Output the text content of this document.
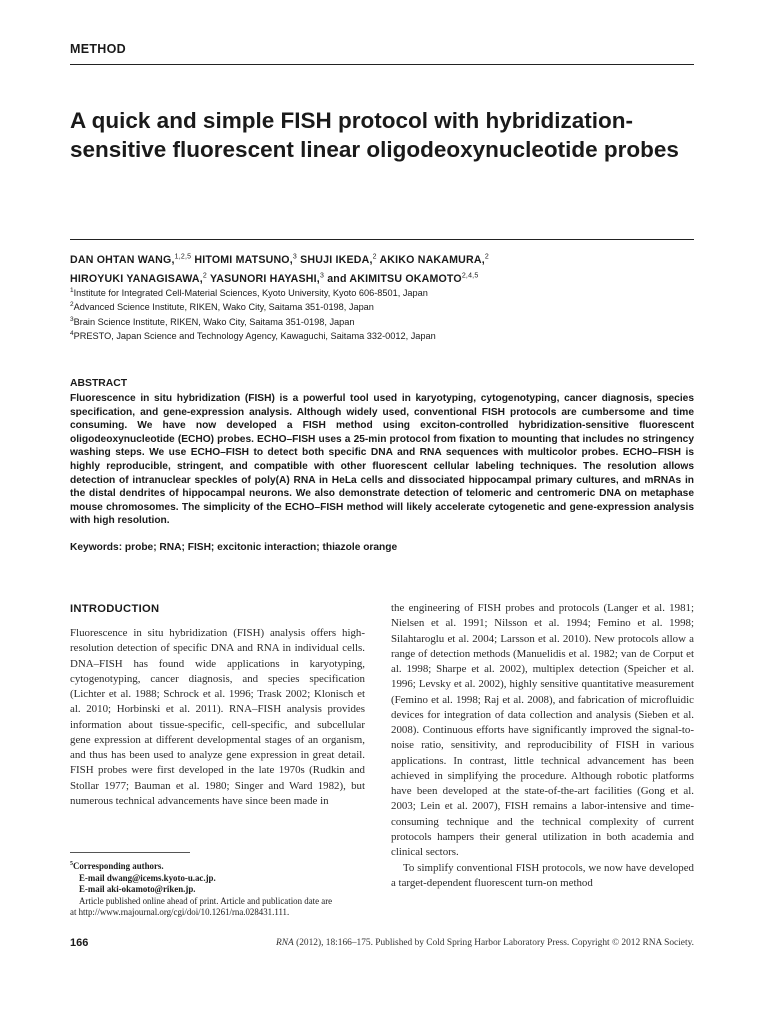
METHOD
A quick and simple FISH protocol with hybridization-sensitive fluorescent linear oligodeoxynucleotide probes

DAN OHTAN WANG,$^{1,2,5}$ HITOMI MATSUNO,$^3$ SHUJI IKEDA,$^2$ AKIKO NAKAMURA,$^2$
HIROYUKI YANAGISAWA,$^2$ YASUNORI HAYASHI,$^3$ and AKIMITSU OKAMOTO$^{2,4,5}$

$^1$Institute for Integrated Cell-Material Sciences, Kyoto University, Kyoto 606-8501, Japan
$^2$Advanced Science Institute, RIKEN, Wako City, Saitama 351-0198, Japan
$^3$Brain Science Institute, RIKEN, Wako City, Saitama 351-0198, Japan
$^4$PRESTO, Japan Science and Technology Agency, Kawaguchi, Saitama 332-0012, Japan
ABSTRACT

Fluorescence in situ hybridization (FISH) is a powerful tool used in karyotyping, cytogenotyping, cancer diagnosis, species specification, and gene-expression analysis. Although widely used, conventional FISH protocols are cumbersome and time consuming. We have now developed a FISH method using exciton-controlled hybridization-sensitive fluorescent oligodeoxynucleotide (ECHO) probes. ECHO–FISH uses a 25-min protocol from fixation to mounting that includes no stringency washing steps. We use ECHO–FISH to detect both specific DNA and RNA sequences with multicolor probes. ECHO–FISH is highly reproducible, stringent, and compatible with other fluorescent cellular labeling techniques. The resolution allows detection of intranuclear speckles of poly(A) RNA in HeLa cells and dissociated hippocampal primary cultures, and mRNAs in the distal dendrites of hippocampal neurons. We also demonstrate detection of telomeric and centromeric DNA on metaphase mouse chromosomes. The simplicity of the ECHO–FISH method will likely accelerate cytogenetic and gene-expression analysis with high resolution.

Keywords: probe; RNA; FISH; excitonic interaction; thiazole orange

INTRODUCTION

Fluorescence in situ hybridization (FISH) analysis offers high-resolution detection of specific DNA and RNA in individual cells. DNA–FISH has found wide applications in karyotyping, cytogenotyping, cancer diagnosis, and species specification (Lichter et al. 1988; Schrock et al. 1996; Trask 2002; Klonisch et al. 2010; Horbinski et al. 2011). RNA–FISH analysis provides information about tissue-specific, cell-specific, and subcellular gene expression at different developmental stages of an organism, and thus has been used to analyze gene expression in great detail. FISH probes were first developed in the late 1970s (Rudkin and Stollar 1977; Bauman et al. 1980; Singer and Ward 1982), but numerous technical advancements have since been made in

the engineering of FISH probes and protocols (Langer et al. 1981; Nielsen et al. 1991; Nilsson et al. 1994; Femino et al. 1998; Silahtaroglu et al. 2004; Larsson et al. 2010). New protocols allow a range of detection methods (Manuelidis et al. 1982; van de Corput et al. 1998; Sharpe et al. 2002), multiplex detection (Speicher et al. 1996; Levsky et al. 2002), highly sensitive quantitative measurement (Femino et al. 1998; Raj et al. 2008), and fabrication of microfluidic devices for integration of data collection and analysis (Sieben et al. 2008). Continuous efforts have significantly improved the signal-to-noise ratio, sensitivity, and reproducibility of FISH in various applications. In contrast, little technical advancement has been achieved in simplifying the procedure. Although robotic platforms have been developed at the state-of-the-art facilities (Gong et al. 2003; Lein et al. 2007), FISH remains a labor-intensive and time-consuming technique and the technical complexity of current protocols hampers their general utilization in both academia and clinical sectors.

To simplify conventional FISH protocols, we now have developed a target-dependent fluorescent turn-on method

$^5$Corresponding authors.
E-mail dwang@icems.kyoto-u.ac.jp.
E-mail aki-okamoto@riken.jp.
Article published online ahead of print. Article and publication date are
at http://www.rnajournal.org/cgi/doi/10.1261/rna.028431.111.
166	RNA (2012), 18:166–175. Published by Cold Spring Harbor Laboratory Press. Copyright © 2012 RNA Society.
